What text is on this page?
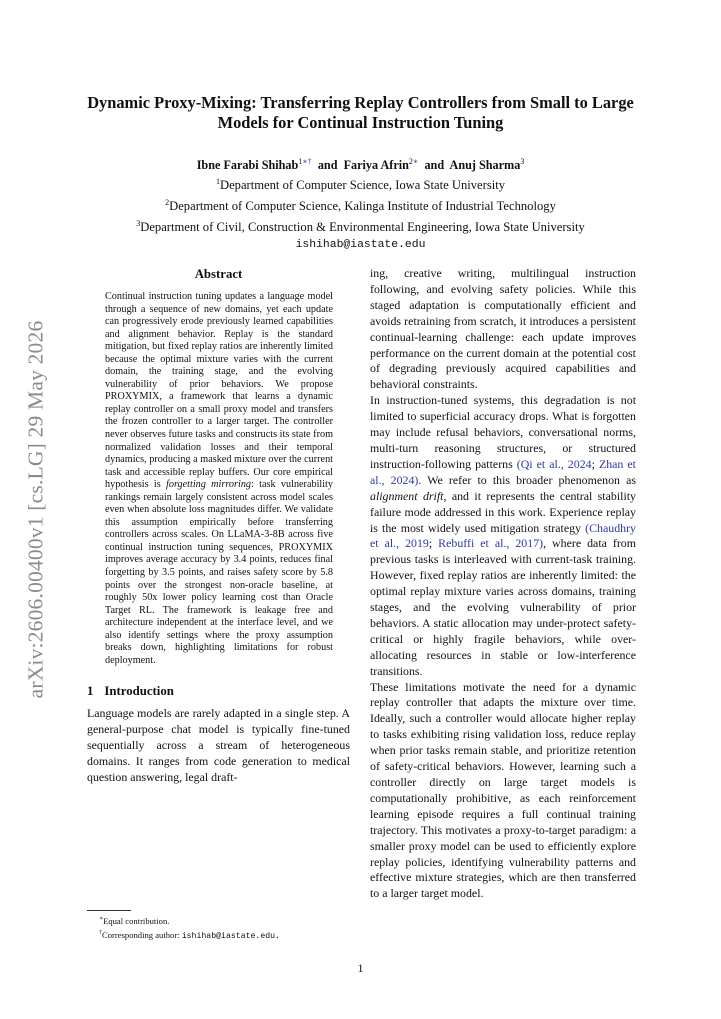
arXiv:2606.00400v1 [cs.LG] 29 May 2026
Dynamic Proxy-Mixing: Transferring Replay Controllers from Small to Large Models for Continual Instruction Tuning
Ibne Farabi Shihab$^{1∗\dagger}$ and Fariya Afrin$^{2∗}$ and Anuj Sharma$^3$
$^1$Department of Computer Science, Iowa State University
$^2$Department of Computer Science, Kalinga Institute of Industrial Technology
$^3$Department of Civil, Construction & Environmental Engineering, Iowa State University
ishihab@iastate.edu
Abstract

Continual instruction tuning updates a language model through a sequence of new domains, yet each update can progressively erode previously learned capabilities and alignment behavior. Replay is the standard mitigation, but fixed replay ratios are inherently limited because the optimal mixture varies with the current domain, the training stage, and the evolving vulnerability of prior behaviors. We propose PROXYMIX, a framework that learns a dynamic replay controller on a small proxy model and transfers the frozen controller to a larger target. The controller never observes future tasks and constructs its state from normalized validation losses and their temporal dynamics, producing a masked mixture over the current task and accessible replay buffers. Our core empirical hypothesis is forgetting mirroring: task vulnerability rankings remain largely consistent across model scales even when absolute loss magnitudes differ. We validate this assumption empirically before transferring controllers across scales. On LLaMA-3-8B across five continual instruction tuning sequences, PROXYMIX improves average accuracy by 3.4 points, reduces final forgetting by 3.5 points, and raises safety score by 5.8 points over the strongest non-oracle baseline, at roughly 50x lower policy learning cost than Oracle Target RL. The framework is leakage free and architecture independent at the interface level, and we also identify settings where the proxy assumption breaks down, highlighting limitations for robust deployment.

1 Introduction

Language models are rarely adapted in a single step. A general-purpose chat model is typically fine-tuned sequentially across a stream of heterogeneous domains. It ranges from code generation to medical question answering, legal draft-

ing, creative writing, multilingual instruction following, and evolving safety policies. While this staged adaptation is computationally efficient and avoids retraining from scratch, it introduces a persistent continual-learning challenge: each update improves performance on the current domain at the potential cost of degrading previously acquired capabilities and behavioral constraints.

In instruction-tuned systems, this degradation is not limited to superficial accuracy drops. What is forgotten may include refusal behaviors, conversational norms, multi-turn reasoning structures, or structured instruction-following patterns (Qi et al., 2024; Zhan et al., 2024). We refer to this broader phenomenon as alignment drift, and it represents the central stability failure mode addressed in this work. Experience replay is the most widely used mitigation strategy (Chaudhry et al., 2019; Rebuffi et al., 2017), where data from previous tasks is interleaved with current-task training. However, fixed replay ratios are inherently limited: the optimal replay mixture varies across domains, training stages, and the evolving vulnerability of prior behaviors. A static allocation may under-protect safety-critical or highly fragile behaviors, while over-allocating resources in stable or low-interference transitions.

These limitations motivate the need for a dynamic replay controller that adapts the mixture over time. Ideally, such a controller would allocate higher replay to tasks exhibiting rising validation loss, reduce replay when prior tasks remain stable, and prioritize retention of safety-critical behaviors. However, learning such a controller directly on large target models is computationally prohibitive, as each reinforcement learning episode requires a full continual training trajectory. This motivates a proxy-to-target paradigm: a smaller proxy model can be used to efficiently explore replay policies, identifying vulnerability patterns and effective mixture strategies, which are then transferred to a larger target model.

∗Equal contribution.
†Corresponding author: ishihab@iastate.edu.
1
